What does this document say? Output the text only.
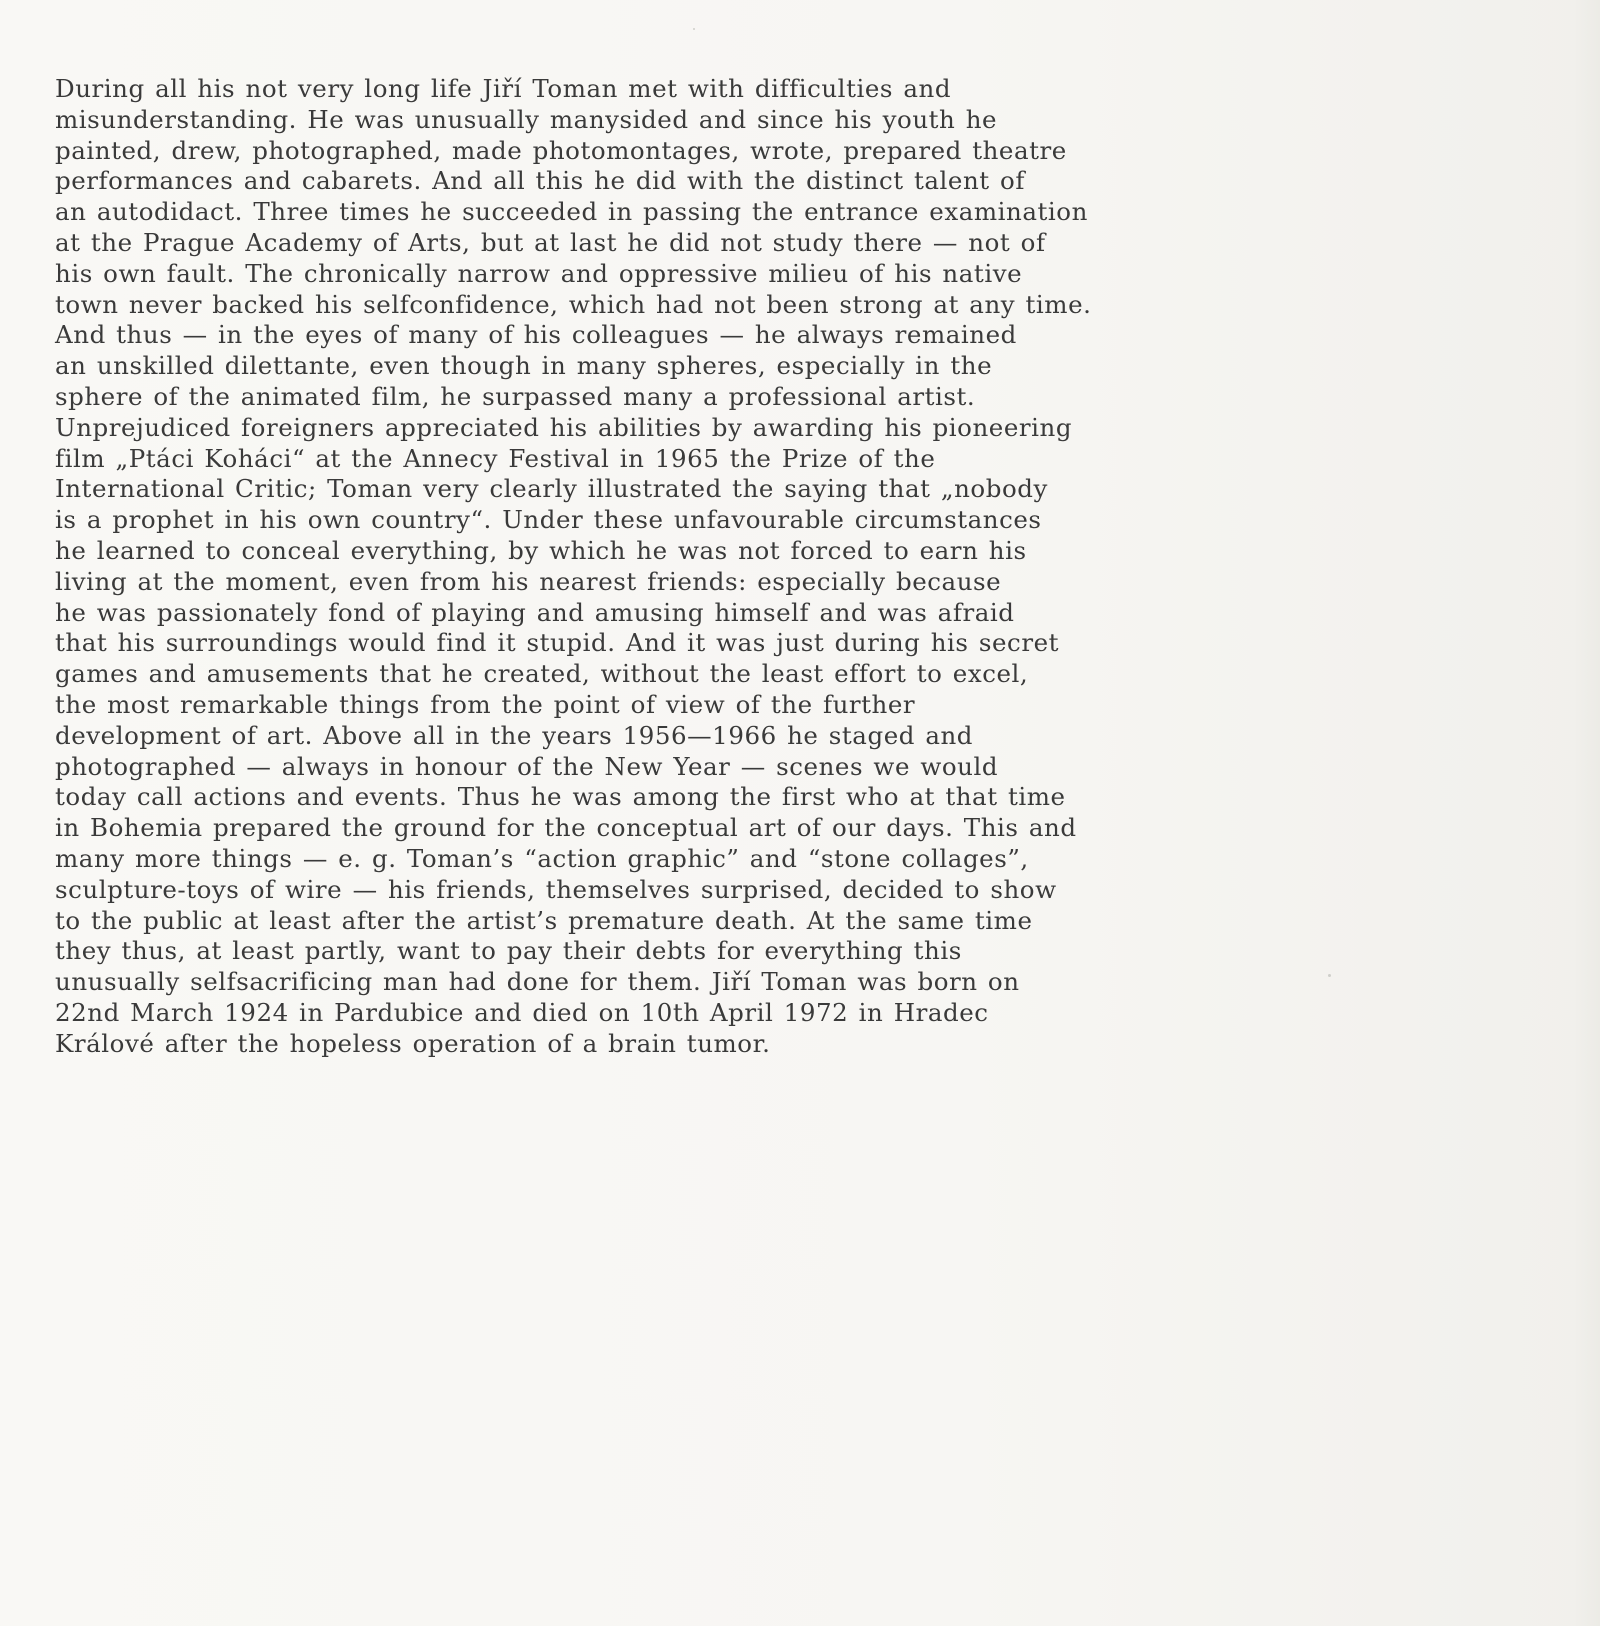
During all his not very long life Jiří Toman met with difficulties and
misunderstanding. He was unusually manysided and since his youth he
painted, drew, photographed, made photomontages, wrote, prepared theatre
performances and cabarets. And all this he did with the distinct talent of
an autodidact. Three times he succeeded in passing the entrance examination
at the Prague Academy of Arts, but at last he did not study there — not of
his own fault. The chronically narrow and oppressive milieu of his native
town never backed his selfconfidence, which had not been strong at any time.
And thus — in the eyes of many of his colleagues — he always remained
an unskilled dilettante, even though in many spheres, especially in the
sphere of the animated film, he surpassed many a professional artist.
Unprejudiced foreigners appreciated his abilities by awarding his pioneering
film „Ptáci Koháci“ at the Annecy Festival in 1965 the Prize of the
International Critic; Toman very clearly illustrated the saying that „nobody
is a prophet in his own country“. Under these unfavourable circumstances
he learned to conceal everything, by which he was not forced to earn his
living at the moment, even from his nearest friends: especially because
he was passionately fond of playing and amusing himself and was afraid
that his surroundings would find it stupid. And it was just during his secret
games and amusements that he created, without the least effort to excel,
the most remarkable things from the point of view of the further
development of art. Above all in the years 1956—1966 he staged and
photographed — always in honour of the New Year — scenes we would
today call actions and events. Thus he was among the first who at that time
in Bohemia prepared the ground for the conceptual art of our days. This and
many more things — e. g. Toman’s “action graphic” and “stone collages”,
sculpture-toys of wire — his friends, themselves surprised, decided to show
to the public at least after the artist’s premature death. At the same time
they thus, at least partly, want to pay their debts for everything this
unusually selfsacrificing man had done for them. Jiří Toman was born on
22nd March 1924 in Pardubice and died on 10th April 1972 in Hradec
Králové after the hopeless operation of a brain tumor.
